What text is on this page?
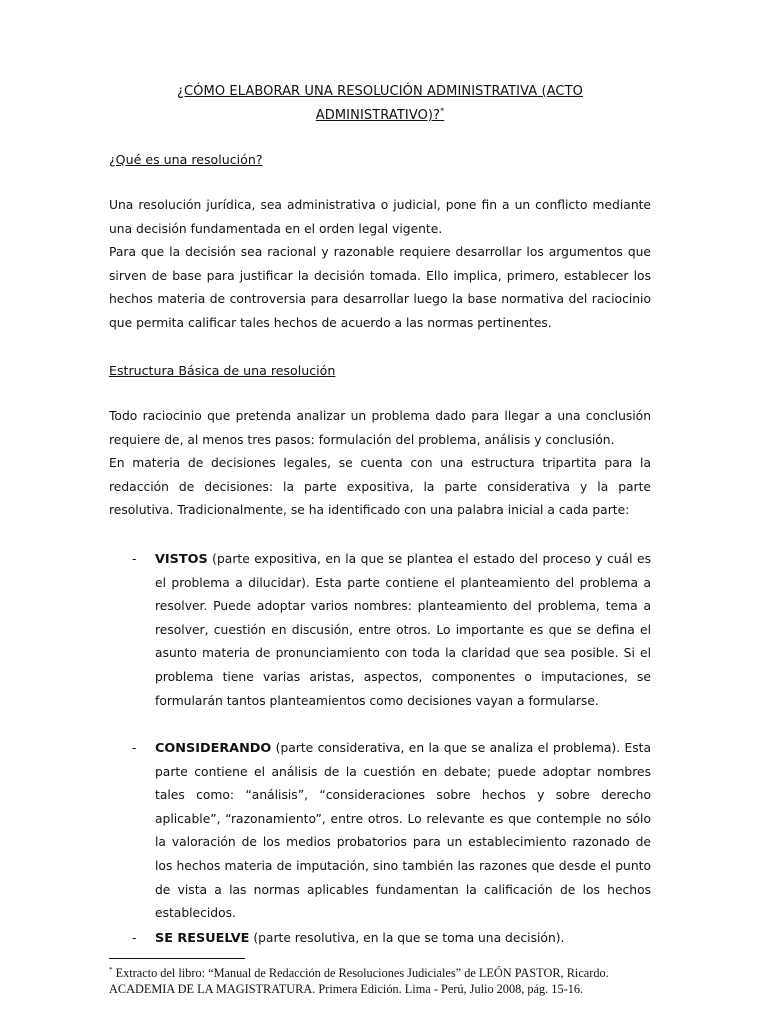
¿CÓMO ELABORAR UNA RESOLUCIÓN ADMINISTRATIVA (ACTO
ADMINISTRATIVO)?*
¿Qué es una resolución?

Una resolución jurídica, sea administrativa o judicial, pone fin a un conflicto mediante una decisión fundamentada en el orden legal vigente.

Para que la decisión sea racional y razonable requiere desarrollar los argumentos que sirven de base para justificar la decisión tomada. Ello implica, primero, establecer los hechos materia de controversia para desarrollar luego la base normativa del raciocinio que permita calificar tales hechos de acuerdo a las normas pertinentes.

Estructura Básica de una resolución

Todo raciocinio que pretenda analizar un problema dado para llegar a una conclusión requiere de, al menos tres pasos: formulación del problema, análisis y conclusión.

En materia de decisiones legales, se cuenta con una estructura tripartita para la redacción de decisiones: la parte expositiva, la parte considerativa y la parte resolutiva. Tradicionalmente, se ha identificado con una palabra inicial a cada parte:

- VISTOS (parte expositiva, en la que se plantea el estado del proceso y cuál es el problema a dilucidar). Esta parte contiene el planteamiento del problema a resolver. Puede adoptar varios nombres: planteamiento del problema, tema a resolver, cuestión en discusión, entre otros. Lo importante es que se defina el asunto materia de pronunciamiento con toda la claridad que sea posible. Si el problema tiene varias aristas, aspectos, componentes o imputaciones, se formularán tantos planteamientos como decisiones vayan a formularse.

- CONSIDERANDO (parte considerativa, en la que se analiza el problema). Esta parte contiene el análisis de la cuestión en debate; puede adoptar nombres tales como: “análisis”, “consideraciones sobre hechos y sobre derecho aplicable”, “razonamiento”, entre otros. Lo relevante es que contemple no sólo la valoración de los medios probatorios para un establecimiento razonado de los hechos materia de imputación, sino también las razones que desde el punto de vista a las normas aplicables fundamentan la calificación de los hechos establecidos.

- SE RESUELVE (parte resolutiva, en la que se toma una decisión).

* Extracto del libro: “Manual de Redacción de Resoluciones Judiciales” de LEÓN PASTOR, Ricardo.
ACADEMIA DE LA MAGISTRATURA. Primera Edición. Lima - Perú, Julio 2008, pág. 15-16.
